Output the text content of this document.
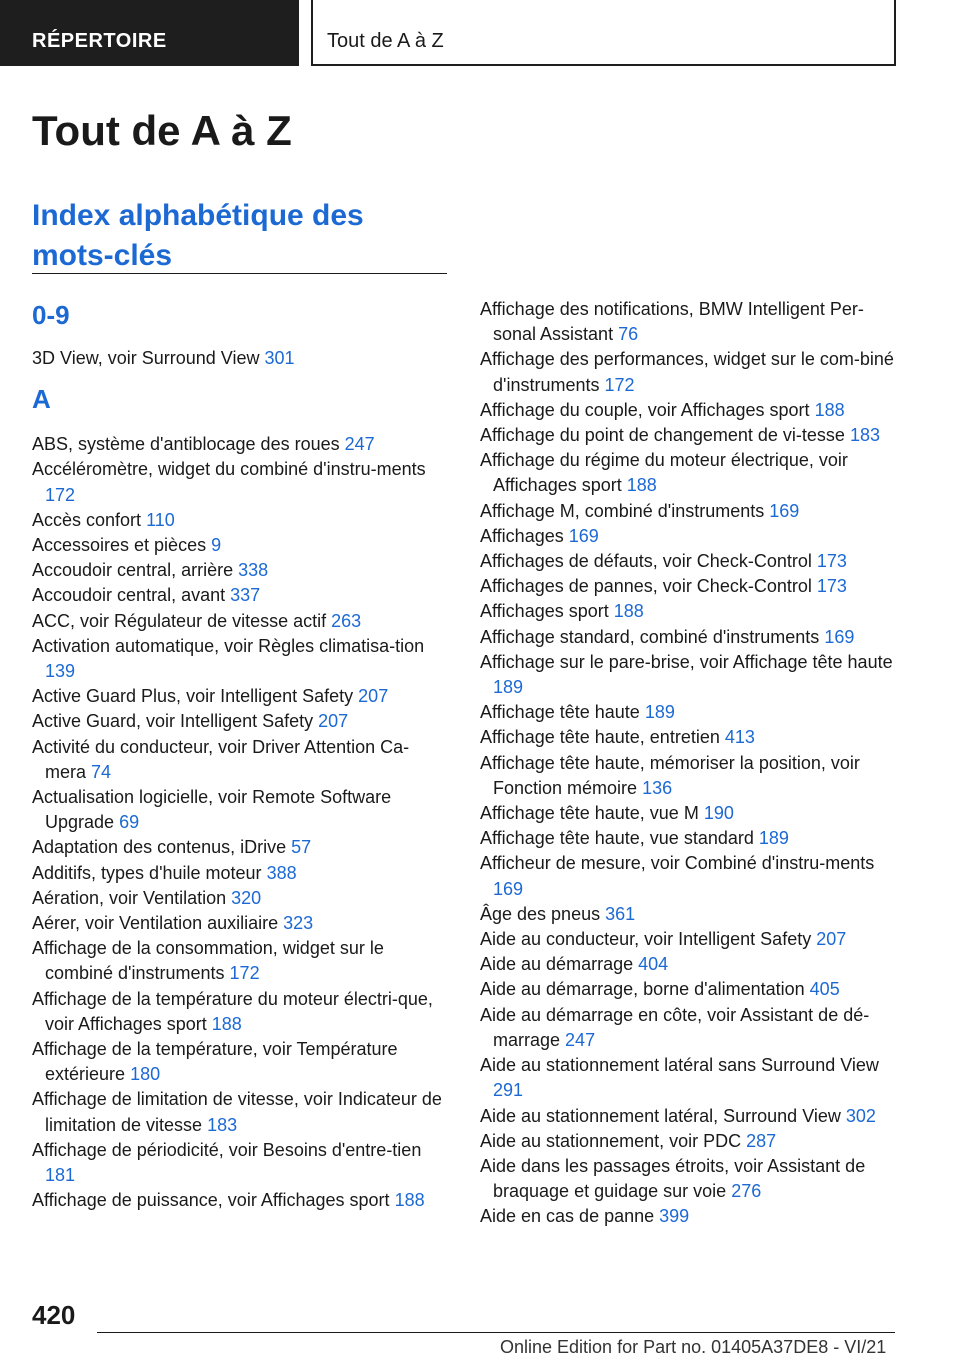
RÉPERTOIRE	Tout de A à Z
Tout de A à Z
Index alphabétique des mots-clés
0-9
3D View, voir Surround View 301
A
ABS, système d'antiblocage des roues 247
Accéléromètre, widget du combiné d'instru-ments 172
Accès confort 110
Accessoires et pièces 9
Accoudoir central, arrière 338
Accoudoir central, avant 337
ACC, voir Régulateur de vitesse actif 263
Activation automatique, voir Règles climatisa-tion 139
Active Guard Plus, voir Intelligent Safety 207
Active Guard, voir Intelligent Safety 207
Activité du conducteur, voir Driver Attention Ca-mera 74
Actualisation logicielle, voir Remote Software Upgrade 69
Adaptation des contenus, iDrive 57
Additifs, types d'huile moteur 388
Aération, voir Ventilation 320
Aérer, voir Ventilation auxiliaire 323
Affichage de la consommation, widget sur le combiné d'instruments 172
Affichage de la température du moteur électri-que, voir Affichages sport 188
Affichage de la température, voir Température extérieure 180
Affichage de limitation de vitesse, voir Indicateur de limitation de vitesse 183
Affichage de périodicité, voir Besoins d'entre-tien 181
Affichage de puissance, voir Affichages sport 188
Affichage des notifications, BMW Intelligent Per-sonal Assistant 76
Affichage des performances, widget sur le com-biné d'instruments 172
Affichage du couple, voir Affichages sport 188
Affichage du point de changement de vi-tesse 183
Affichage du régime du moteur électrique, voir Affichages sport 188
Affichage M, combiné d'instruments 169
Affichages 169
Affichages de défauts, voir Check-Control 173
Affichages de pannes, voir Check-Control 173
Affichages sport 188
Affichage standard, combiné d'instruments 169
Affichage sur le pare-brise, voir Affichage tête haute 189
Affichage tête haute 189
Affichage tête haute, entretien 413
Affichage tête haute, mémoriser la position, voir Fonction mémoire 136
Affichage tête haute, vue M 190
Affichage tête haute, vue standard 189
Afficheur de mesure, voir Combiné d'instru-ments 169
Âge des pneus 361
Aide au conducteur, voir Intelligent Safety 207
Aide au démarrage 404
Aide au démarrage, borne d'alimentation 405
Aide au démarrage en côte, voir Assistant de dé-marrage 247
Aide au stationnement latéral sans Surround View 291
Aide au stationnement latéral, Surround View 302
Aide au stationnement, voir PDC 287
Aide dans les passages étroits, voir Assistant de braquage et guidage sur voie 276
Aide en cas de panne 399
420
Online Edition for Part no. 01405A37DE8 - VI/21
